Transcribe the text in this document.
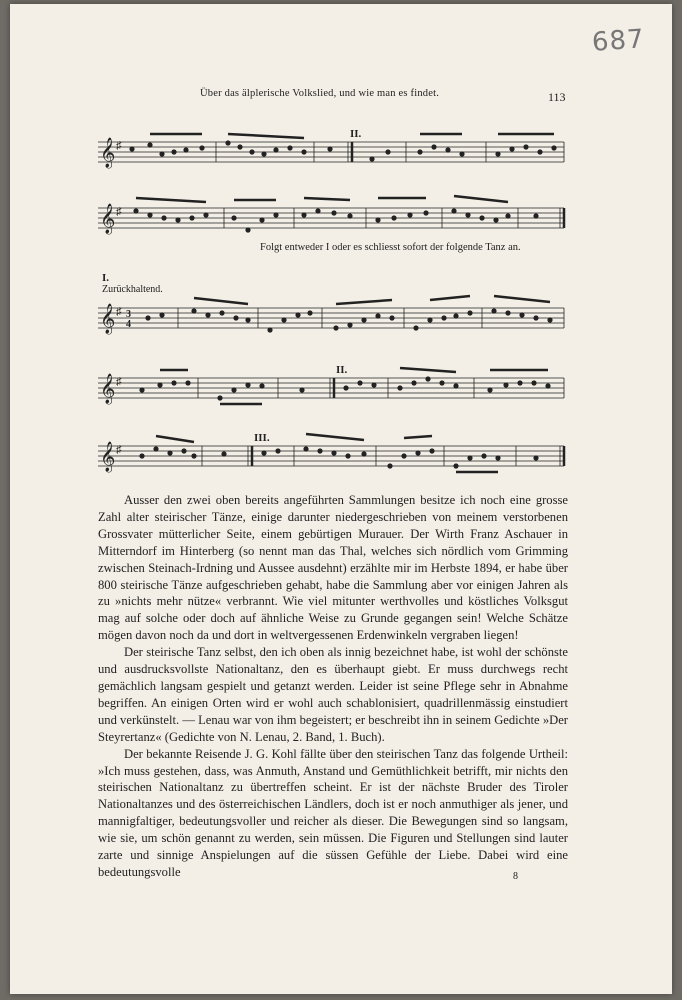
687
Über das älplerische Volkslied, und wie man es findet.	113
𝄞 ♯
II.
𝄞 ♯
Folgt entweder I oder es schliesst sofort der folgende Tanz an.
I.
Zurückhaltend.
𝄞 ♯ 3
4
𝄞 ♯
II.
𝄞 ♯
III.

Ausser den zwei oben bereits angeführten Sammlungen besitze ich noch eine grosse Zahl alter steirischer Tänze, einige darunter niedergeschrieben von meinem verstorbenen Grossvater mütterlicher Seite, einem gebürtigen Murauer. Der Wirth Franz Aschauer in Mitterndorf im Hinterberg (so nennt man das Thal, welches sich nördlich vom Grimming zwischen Steinach-Irdning und Aussee ausdehnt) erzählte mir im Herbste 1894, er habe über 800 steirische Tänze aufgeschrieben gehabt, habe die Sammlung aber vor einigen Jahren als zu »nichts mehr nütze« verbrannt. Wie viel mitunter werthvolles und köstliches Volksgut mag auf solche oder doch auf ähnliche Weise zu Grunde gegangen sein! Welche Schätze mögen davon noch da und dort in weltvergessenen Erdenwinkeln vergraben liegen!

Der steirische Tanz selbst, den ich oben als innig bezeichnet habe, ist wohl der schönste und ausdrucksvollste Nationaltanz, den es überhaupt giebt. Er muss durchwegs recht gemächlich langsam gespielt und getanzt werden. Leider ist seine Pflege sehr in Abnahme begriffen. An einigen Orten wird er wohl auch schablonisiert, quadrillenmässig einstudiert und verkünstelt. — Lenau war von ihm begeistert; er beschreibt ihn in seinem Gedichte »Der Steyrertanz« (Gedichte von N. Lenau, 2. Band, 1. Buch).

Der bekannte Reisende J. G. Kohl fällte über den steirischen Tanz das folgende Urtheil: »Ich muss gestehen, dass, was Anmuth, Anstand und Gemüthlichkeit betrifft, mir nichts den steirischen Nationaltanz zu übertreffen scheint. Er ist der nächste Bruder des Tiroler Nationaltanzes und des österreichischen Ländlers, doch ist er noch anmuthiger als jener, und mannigfaltiger, bedeutungsvoller und reicher als dieser. Die Bewegungen sind so langsam, wie sie, um schön genannt zu werden, sein müssen. Die Figuren und Stellungen sind lauter zarte und sinnige Anspielungen auf die süssen Gefühle der Liebe. Dabei wird eine bedeutungsvolle	8
